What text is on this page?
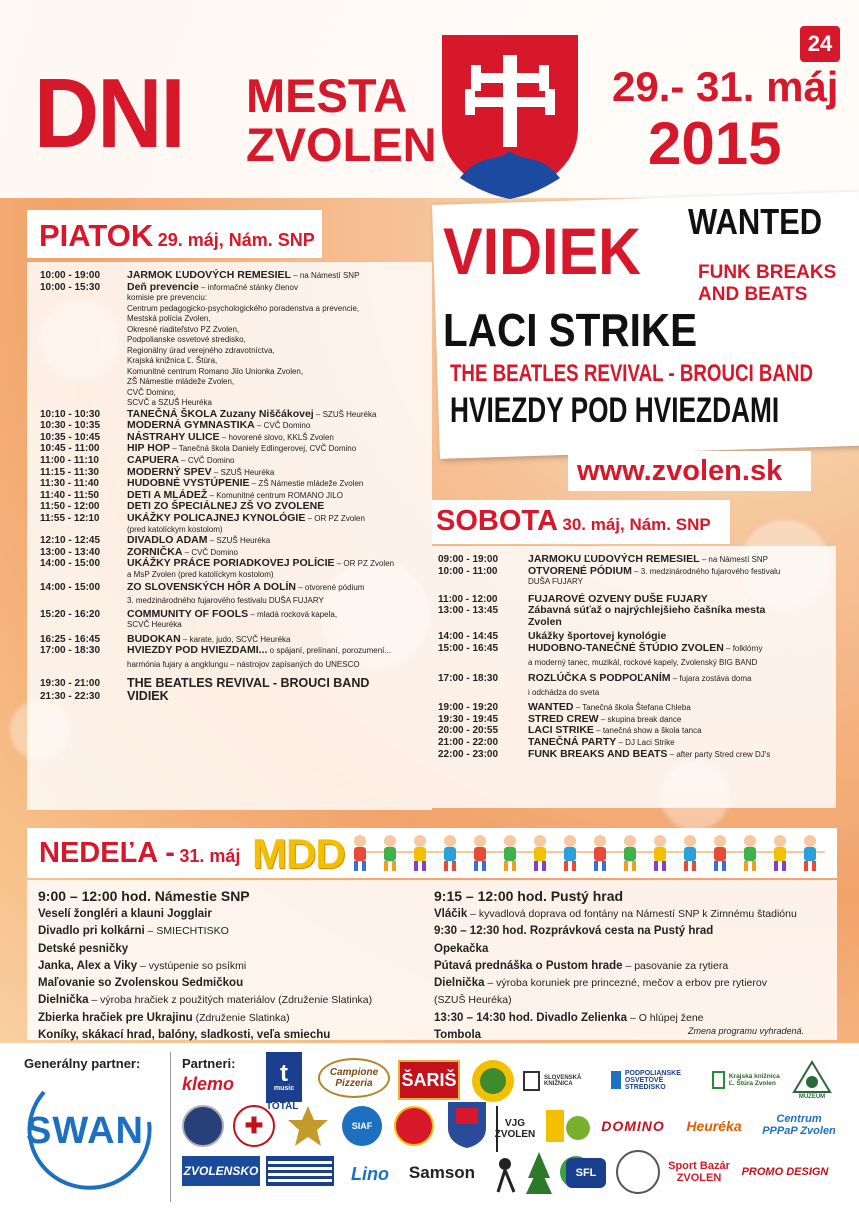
DNI MESTA
ZVOLEN
29.- 31. máj
2015
24
VIDIEK WANTED
FUNK BREAKS
AND BEATS
LACI STRIKE
THE BEATLES REVIVAL - BROUCI BAND
HVIEZDY POD HVIEZDAMI
www.zvolen.sk
PIATOK 29. máj, Nám. SNP
10:00 - 19:00	JARMOK ĽUDOVÝCH REMESIEL – na Námestí SNP
10:00 - 15:30	Deň prevencie – informačné stánky členov
komisie pre prevenciu:
Centrum pedagogicko-psychologického poradenstva a prevencie,
Mestská polícia Zvolen,
Okresné riaditeľstvo PZ Zvolen,
Podpolianske osvetové stredisko,
Regionálny úrad verejného zdravotníctva,
Krajská knižnica Ľ. Štúra,
Komunitné centrum Romano Jilo Unionka Zvolen,
ZŠ Námestie mládeže Zvolen,
CVČ Domino,
SCVČ a SZUŠ Heuréka
10:10 - 10:30	TANEČNÁ ŠKOLA Zuzany Niščákovej – SZUŠ Heuréka
10:30 - 10:35	MODERNÁ GYMNASTIKA – CVČ Domino
10:35 - 10:45	NÁSTRAHY ULICE – hovorené slovo, KKLŠ Zvolen
10:45 - 11:00	HIP HOP – Tanečná škola Daniely Edlingerovej, CVČ Domino
11:00 - 11:10	CAPUERA – CVČ Domino
11:15 - 11:30	MODERNÝ SPEV – SZUŠ Heuréka
11:30 - 11:40	HUDOBNÉ VYSTÚPENIE – ZŠ Námestie mládeže Zvolen
11:40 - 11:50	DETI A MLÁDEŽ – Komunitné centrum ROMANO JILO
11:50 - 12:00	DETI ZO ŠPECIÁLNEJ ZŠ VO ZVOLENE
11:55 - 12:10	UKÁŽKY POLICAJNEJ KYNOLÓGIE – OR PZ Zvolen
(pred katolíckym kostolom)
12:10 - 12:45	DIVADLO ADAM – SZUŠ Heuréka
13:00 - 13:40	ZORNIČKA – CVČ Domino
14:00 - 15:00	UKÁŽKY PRÁCE PORIADKOVEJ POLÍCIE – OR PZ Zvolen
a MsP Zvolen (pred katolíckym kostolom)
14:00 - 15:00	ZO SLOVENSKÝCH HÔR A DOLÍN – otvorené pódium
3. medzinárodného fujarového festivalu DUŠA FUJARY
15:20 - 16:20	COMMUNITY OF FOOLS – mladá rocková kapela,
SCVČ Heuréka
16:25 - 16:45	BUDOKAN – karate, judo, SCVČ Heuréka
17:00 - 18:30	HVIEZDY POD HVIEZDAMI... o spájaní, prelínaní, porozumení...
harmónia fujary a angklungu – nástrojov zapísaných do UNESCO
19:30 - 21:00	THE BEATLES REVIVAL - BROUCI BAND
21:30 - 22:30	VIDIEK
SOBOTA 30. máj, Nám. SNP
09:00 - 19:00	JARMOKU ĽUDOVÝCH REMESIEL – na Námestí SNP
10:00 - 11:00	OTVORENÉ PÓDIUM – 3. medzinárodného fujarového festivalu
DUŠA FUJARY
11:00 - 12:00	FUJAROVÉ OZVENY DUŠE FUJARY
13:00 - 13:45	Zábavná súťaž o najrýchlejšieho čašníka mesta
Zvolen
14:00 - 14:45	Ukážky športovej kynológie
15:00 - 16:45	HUDOBNO-TANEČNÉ ŠTÚDIO ZVOLEN – folklórny
a moderný tanec, muzikál, rockové kapely, Zvolenský BIG BAND
17:00 - 18:30	ROZLÚČKA S PODPOĽANÍM – fujara zostáva doma
i odchádza do sveta
19:00 - 19:20	WANTED – Tanečná škola Štefana Chleba
19:30 - 19:45	STRED CREW – skupina break dance
20:00 - 20:55	LACI STRIKE – tanečná show a škola tanca
21:00 - 22:00	TANEČNÁ PARTY – DJ Laci Strike
22:00 - 23:00	FUNK BREAKS AND BEATS – after party Stred crew DJ's
NEDEĽA - 31. máj MDD
9:00 – 12:00 hod. Námestie SNP
Veselí žongléri a klauni Jogglair
Divadlo pri kolkárni – SMIECHTISKO
Detské pesničky
Janka, Alex a Viky – vystúpenie so psíkmi
Maľovanie so Zvolenskou Sedmičkou
Dielnička – výroba hračiek z použitých materiálov (Združenie Slatinka)
Zbierka hračiek pre Ukrajinu (Združenie Slatinka)
Koníky, skákací hrad, balóny, sladkosti, veľa smiechu
9:15 – 12:00 hod. Pustý hrad
Vláčik – kyvadlová doprava od fontány na Námestí SNP k Zimnému štadiónu
9:30 – 12:30 hod. Rozprávková cesta na Pustý hrad
Opekačka
Pútavá prednáška o Pustom hrade – pasovanie za rytiera
Dielnička – výroba koruniek pre princezné, mečov a erbov pre rytierov
(SZUŠ Heuréka)
13:30 – 14:30 hod. Divadlo Zelienka – O hlúpej žene
Tombola	Zmena programu vyhradená.
Generálny partner:
SWAN
Partneri:
klemo t
music
TOTAL
Campione Pizzeria	ŠARIŠ	SLOVENSKÁ KNIŽNICA
PODPOLIANSKE OSVETOVÉ STREDISKO
Krajská knižnica Ľ. Štúra Zvolen
MÚZEUM
✚	SIAF	VJG ZVOLEN
DOMINO	Heuréka	Centrum PPPaP Zvolen
ZVOLENSKO	Lino	Samson	SFL
Sport Bazár ZVOLEN	PROMO DESIGN
